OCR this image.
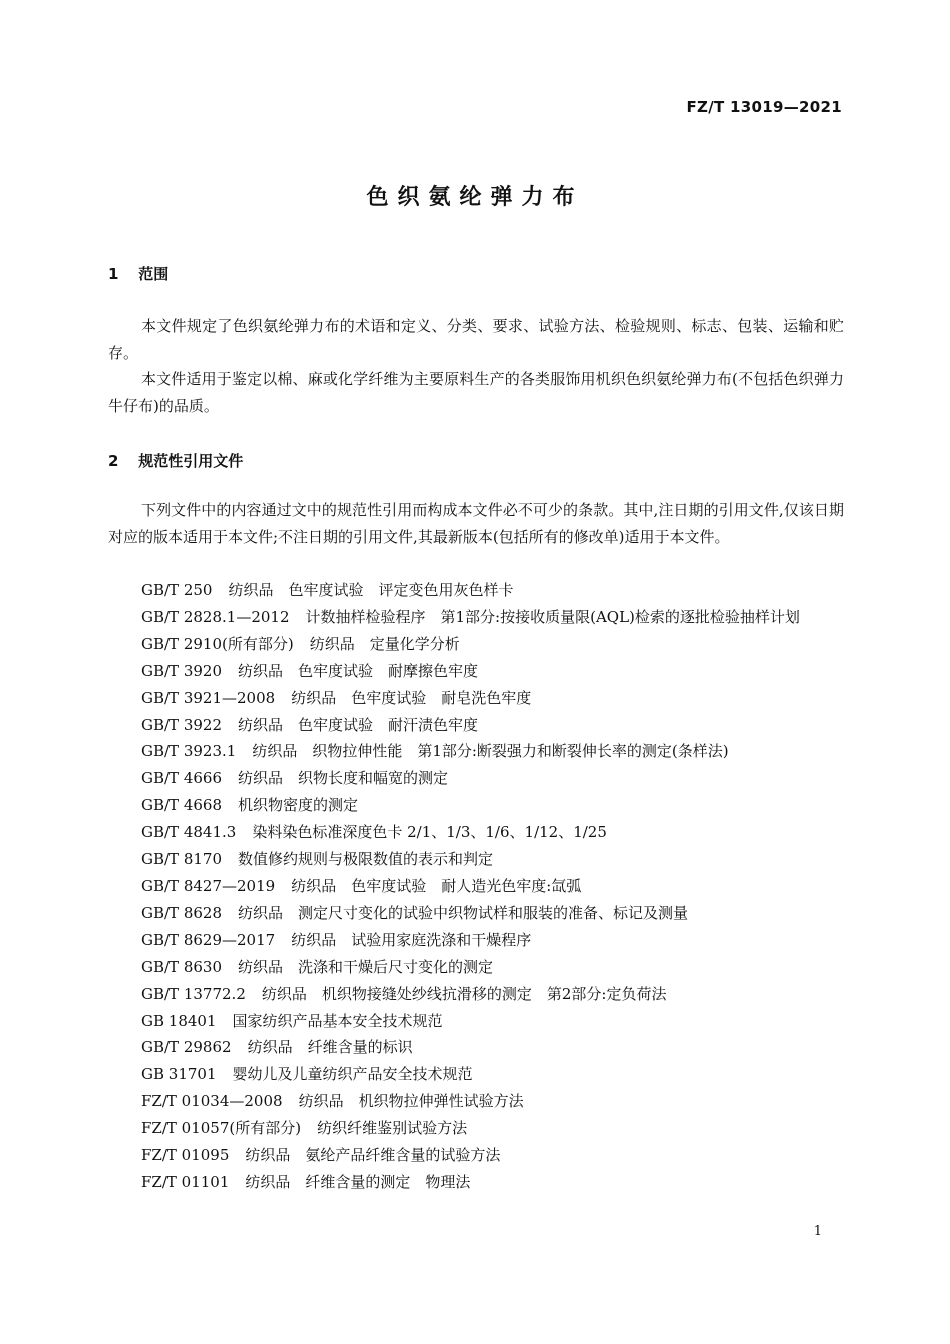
FZ/T 13019—2021
色织氨纶弹力布
1 范围

本文件规定了色织氨纶弹力布的术语和定义、分类、要求、试验方法、检验规则、标志、包装、运输和贮存。

本文件适用于鉴定以棉、麻或化学纤维为主要原料生产的各类服饰用机织色织氨纶弹力布(不包括色织弹力牛仔布)的品质。

2 规范性引用文件

下列文件中的内容通过文中的规范性引用而构成本文件必不可少的条款。其中,注日期的引用文件,仅该日期对应的版本适用于本文件;不注日期的引用文件,其最新版本(包括所有的修改单)适用于本文件。

GB/T 250 纺织品　色牢度试验　评定变色用灰色样卡
GB/T 2828.1—2012 计数抽样检验程序　第1部分:按接收质量限(AQL)检索的逐批检验抽样计划
GB/T 2910(所有部分) 纺织品　定量化学分析
GB/T 3920 纺织品　色牢度试验　耐摩擦色牢度
GB/T 3921—2008 纺织品　色牢度试验　耐皂洗色牢度
GB/T 3922 纺织品　色牢度试验　耐汗渍色牢度
GB/T 3923.1 纺织品　织物拉伸性能　第1部分:断裂强力和断裂伸长率的测定(条样法)
GB/T 4666 纺织品　织物长度和幅宽的测定
GB/T 4668 机织物密度的测定
GB/T 4841.3 染料染色标准深度色卡 2/1、1/3、1/6、1/12、1/25
GB/T 8170 数值修约规则与极限数值的表示和判定
GB/T 8427—2019 纺织品　色牢度试验　耐人造光色牢度:氙弧
GB/T 8628 纺织品　测定尺寸变化的试验中织物试样和服装的准备、标记及测量
GB/T 8629—2017 纺织品　试验用家庭洗涤和干燥程序
GB/T 8630 纺织品　洗涤和干燥后尺寸变化的测定
GB/T 13772.2 纺织品　机织物接缝处纱线抗滑移的测定　第2部分:定负荷法
GB 18401 国家纺织产品基本安全技术规范
GB/T 29862 纺织品　纤维含量的标识
GB 31701 婴幼儿及儿童纺织产品安全技术规范
FZ/T 01034—2008 纺织品　机织物拉伸弹性试验方法
FZ/T 01057(所有部分) 纺织纤维鉴别试验方法
FZ/T 01095 纺织品　氨纶产品纤维含量的试验方法
FZ/T 01101 纺织品　纤维含量的测定　物理法
1
